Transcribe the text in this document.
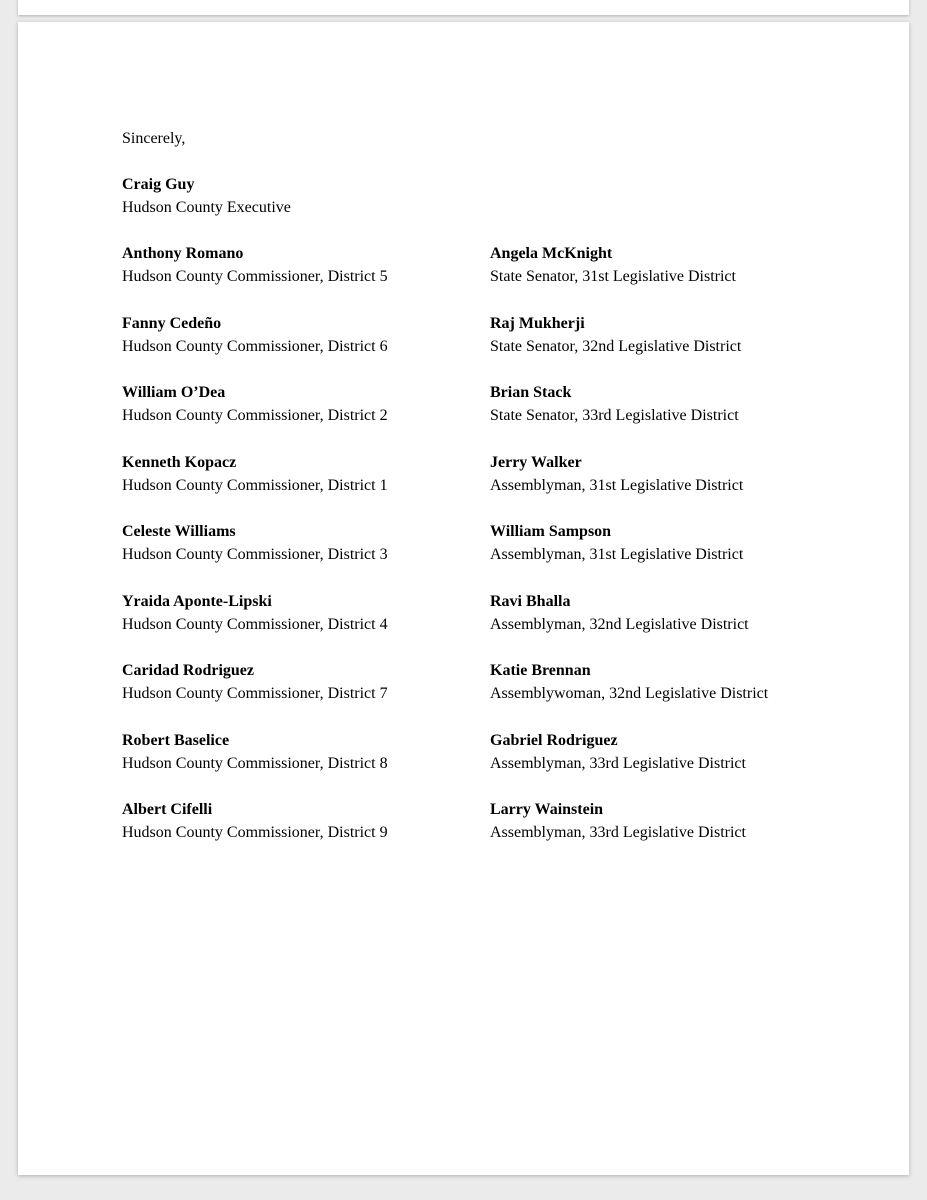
Sincerely,

Craig Guy
Hudson County Executive
Anthony Romano
Hudson County Commissioner, District 5
Fanny Cedeño
Hudson County Commissioner, District 6
William O’Dea
Hudson County Commissioner, District 2
Kenneth Kopacz
Hudson County Commissioner, District 1
Celeste Williams
Hudson County Commissioner, District 3
Yraida Aponte-Lipski
Hudson County Commissioner, District 4
Caridad Rodriguez
Hudson County Commissioner, District 7
Robert Baselice
Hudson County Commissioner, District 8
Albert Cifelli
Hudson County Commissioner, District 9
Angela McKnight
State Senator, 31st Legislative District
Raj Mukherji
State Senator, 32nd Legislative District
Brian Stack
State Senator, 33rd Legislative District
Jerry Walker
Assemblyman, 31st Legislative District
William Sampson
Assemblyman, 31st Legislative District
Ravi Bhalla
Assemblyman, 32nd Legislative District
Katie Brennan
Assemblywoman, 32nd Legislative District
Gabriel Rodriguez
Assemblyman, 33rd Legislative District
Larry Wainstein
Assemblyman, 33rd Legislative District
